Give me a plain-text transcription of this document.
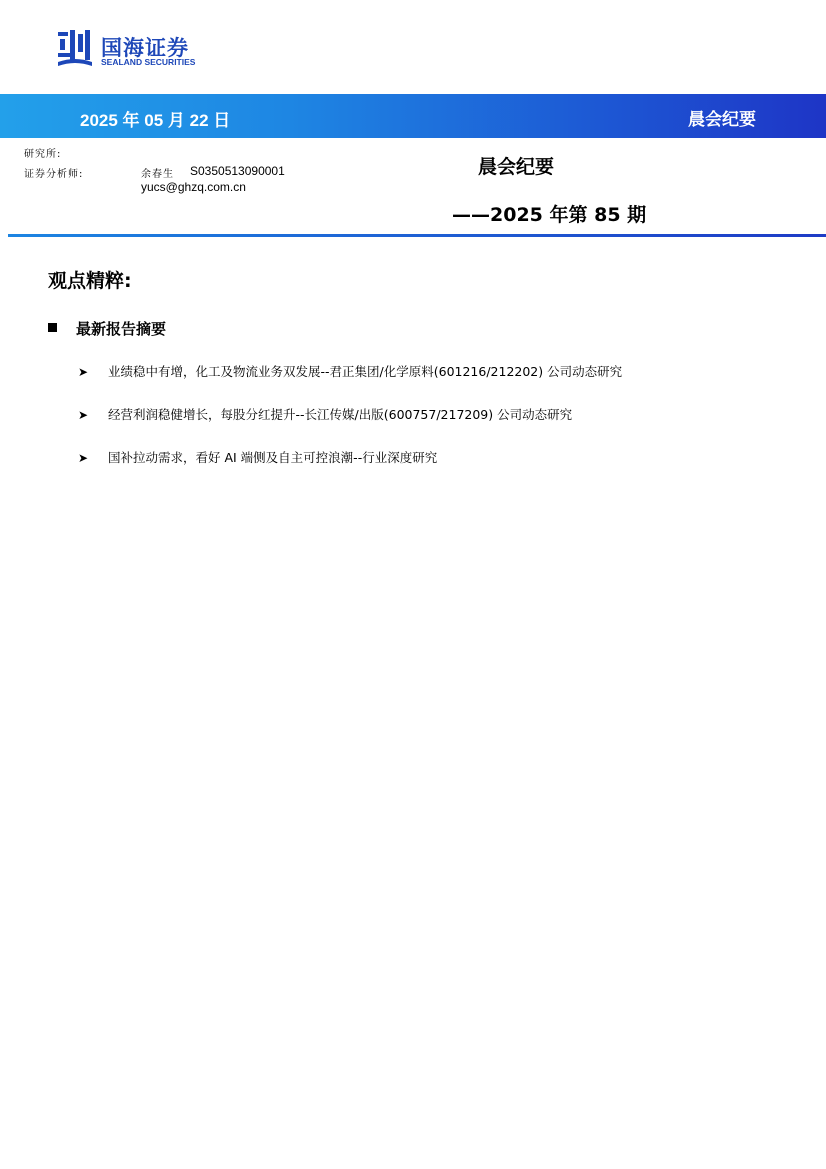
国海证券
SEALAND SECURITIES
2025 年 05 月 22 日	晨会纪要
研究所:
证券分析师:	余春生 S0350513090001
yucs@ghzq.com.cn
晨会纪要
——2025 年第 85 期
观点精粹:
最新报告摘要
➤ 业绩稳中有增，化工及物流业务双发展--君正集团/化学原料(601216/212202) 公司动态研究
➤ 经营利润稳健增长，每股分红提升--长江传媒/出版(600757/217209) 公司动态研究
➤ 国补拉动需求，看好 AI 端侧及自主可控浪潮--行业深度研究
